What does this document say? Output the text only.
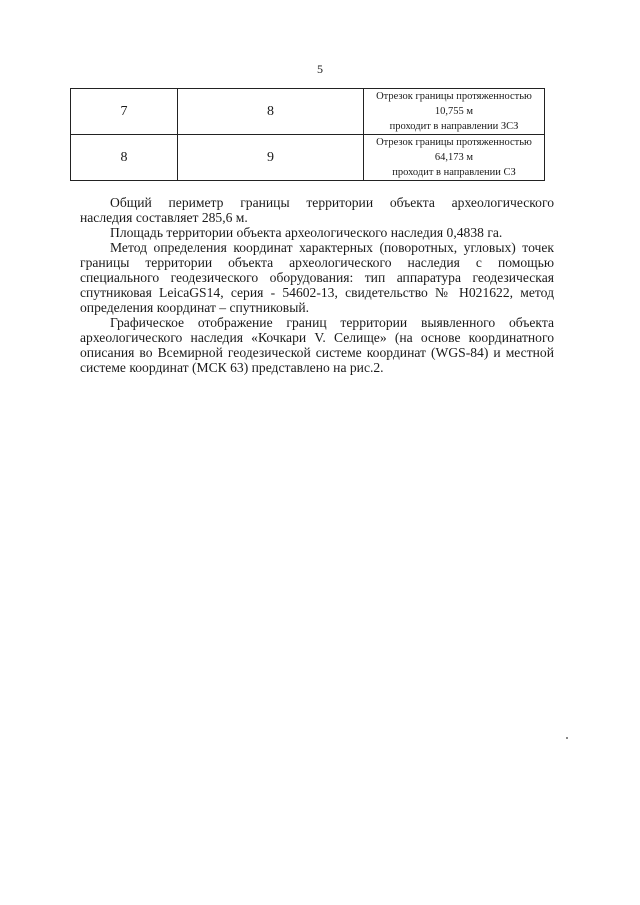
5
7	8	Отрезок границы протяженностью 10,755 м
проходит в направлении ЗСЗ
8	9	Отрезок границы протяженностью 64,173 м
проходит в направлении СЗ
Общий периметр границы территории объекта археологического
наследия составляет 285,6 м.
Площадь территории объекта археологического наследия 0,4838 га.
Метод определения координат характерных (поворотных, угловых) точек
границы территории объекта археологического наследия с помощью
специального геодезического оборудования: тип аппаратура геодезическая
спутниковая LeicaGS14, серия - 54602-13, свидетельство № Н021622, метод
определения координат – спутниковый.
Графическое отображение границ территории выявленного объекта
археологического наследия «Кочкари V. Селище» (на основе координатного
описания во Всемирной геодезической системе координат (WGS-84) и местной
системе координат (МСК 63) представлено на рис.2.
